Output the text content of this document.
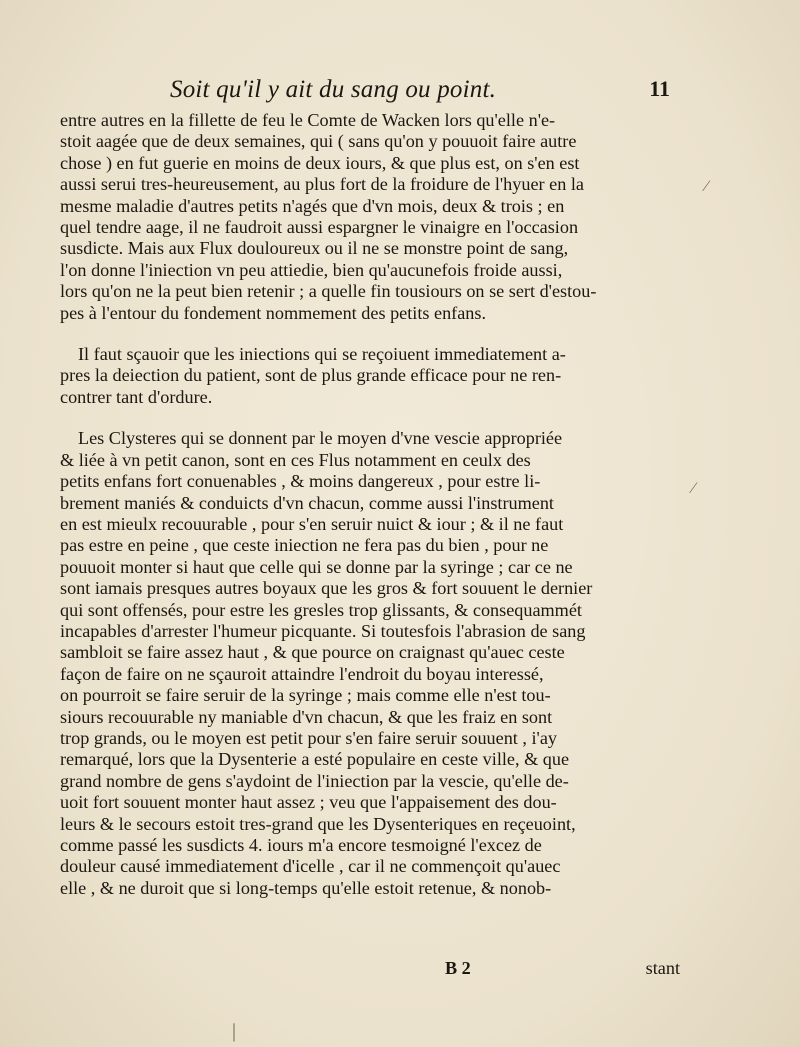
Soit qu'il y ait du sang ou point.	11
entre autres en la fillette de feu le Comte de Wacken lors qu'elle n'e-
stoit aagée que de deux semaines, qui ( sans qu'on y pouuoit faire autre
chose ) en fut guerie en moins de deux iours, & que plus est, on s'en est
aussi serui tres-heureusement, au plus fort de la froidure de l'hyuer en la
mesme maladie d'autres petits n'agés que d'vn mois, deux & trois ; en
quel tendre aage, il ne faudroit aussi espargner le vinaigre en l'occasion
susdicte. Mais aux Flux douloureux ou il ne se monstre point de sang,
l'on donne l'iniection vn peu attiedie, bien qu'aucunefois froide aussi,
lors qu'on ne la peut bien retenir ; a quelle fin tousiours on se sert d'estou-
pes à l'entour du fondement nommement des petits enfans.
Il faut sçauoir que les iniections qui se reçoiuent immediatement a-
pres la deiection du patient, sont de plus grande efficace pour ne ren-
contrer tant d'ordure.
Les Clysteres qui se donnent par le moyen d'vne vescie appropriée
& liée à vn petit canon, sont en ces Flus notamment en ceulx des
petits enfans fort conuenables , & moins dangereux , pour estre li-
brement maniés & conduicts d'vn chacun, comme aussi l'instrument
en est mieulx recouurable , pour s'en seruir nuict & iour ; & il ne faut
pas estre en peine , que ceste iniection ne fera pas du bien , pour ne
pouuoit monter si haut que celle qui se donne par la syringe ; car ce ne
sont iamais presques autres boyaux que les gros & fort souuent le dernier
qui sont offensés, pour estre les gresles trop glissants, & consequammét
incapables d'arrester l'humeur picquante. Si toutesfois l'abrasion de sang
sambloit se faire assez haut , & que pource on craignast qu'auec ceste
façon de faire on ne sçauroit attaindre l'endroit du boyau interessé,
on pourroit se faire seruir de la syringe ; mais comme elle n'est tou-
siours recouurable ny maniable d'vn chacun, & que les fraiz en sont
trop grands, ou le moyen est petit pour s'en faire seruir souuent , i'ay
remarqué, lors que la Dysenterie a esté populaire en ceste ville, & que
grand nombre de gens s'aydoint de l'iniection par la vescie, qu'elle de-
uoit fort souuent monter haut assez ; veu que l'appaisement des dou-
leurs & le secours estoit tres-grand que les Dysenteriques en reçeuoint,
comme passé les susdicts 4. iours m'a encore tesmoigné l'excez de
douleur causé immediatement d'icelle , car il ne commençoit qu'auec
elle , & ne duroit que si long-temps qu'elle estoit retenue, & nonob-
B 2	stant
⁄
⁄
|
